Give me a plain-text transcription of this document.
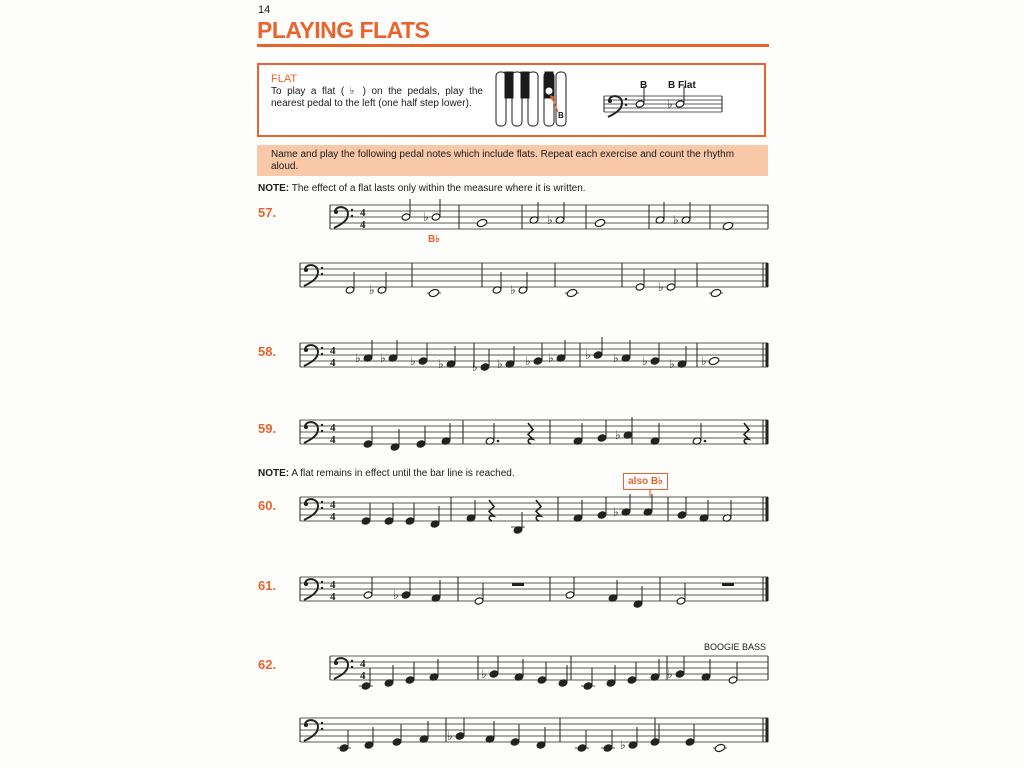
14
PLAYING FLATS
FLAT
To play a flat ( ♭ ) on the pedals, play the nearest pedal to the left (one half step lower).
Name and play the following pedal notes which include flats. Repeat each exercise and count the rhythm aloud.
NOTE: The effect of a flat lasts only within the measure where it is written.
NOTE: A flat remains in effect until the bar line is reached.
57.
58.
59.
60.
61.
62.
B♭
also B♭
BOOGIE BASS
B B Flat
B
♭
4
4
♭	♭	♭
♭	♭	♭
4
4 ♭ ♭ ♭ ♭ ♭ ♭ ♭ ♭	♭ ♭ ♭ ♭ ♭
4
4	♭
4
4	♭
4
4	♭
4
4	♭	♭
♭
♭
